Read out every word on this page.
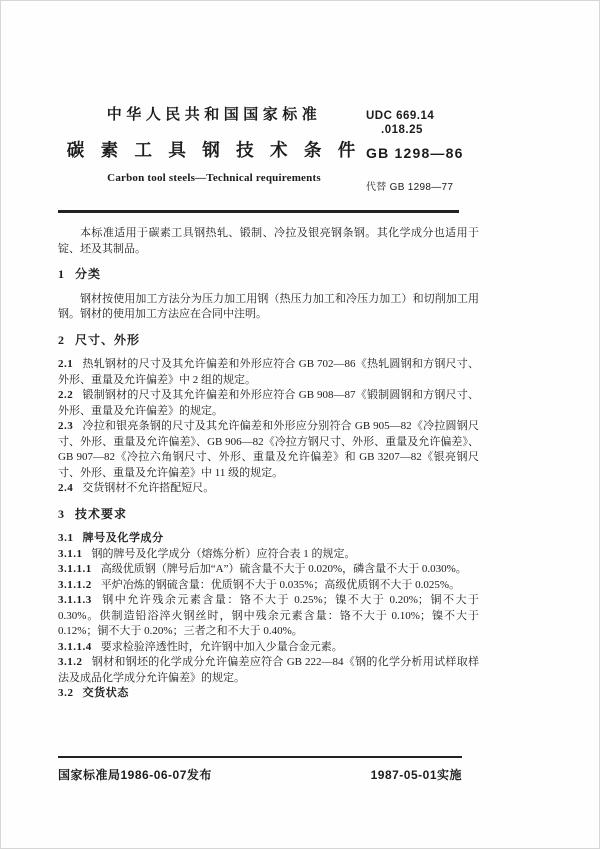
中华人民共和国国家标准
碳 素 工 具 钢 技 术 条 件
Carbon tool steels—Technical requirements
UDC 669.14
.018.25
GB 1298—86
代替 GB 1298—77

本标准适用于碳素工具钢热轧、锻制、冷拉及银亮钢条钢。其化学成分也适用于锭、坯及其制品。

1 分类

钢材按使用加工方法分为压力加工用钢（热压力加工和冷压力加工）和切削加工用钢。钢材的使用加工方法应在合同中注明。

2 尺寸、外形

2.1 热轧钢材的尺寸及其允许偏差和外形应符合 GB 702—86《热轧圆钢和方钢尺寸、外形、重量及允许偏差》中 2 组的规定。

2.2 锻制钢材的尺寸及其允许偏差和外形应符合 GB 908—87《锻制圆钢和方钢尺寸、外形、重量及允许偏差》的规定。

2.3 冷拉和银亮条钢的尺寸及其允许偏差和外形应分别符合 GB 905—82《冷拉圆钢尺寸、外形、重量及允许偏差》、GB 906—82《冷拉方钢尺寸、外形、重量及允许偏差》、GB 907—82《冷拉六角钢尺寸、外形、重量及允许偏差》和 GB 3207—82《银亮钢尺寸、外形、重量及允许偏差》中 11 级的规定。

2.4 交货钢材不允许搭配短尺。

3 技术要求

3.1 牌号及化学成分

3.1.1 钢的牌号及化学成分（熔炼分析）应符合表 1 的规定。

3.1.1.1 高级优质钢（牌号后加“A”）硫含量不大于 0.020%，磷含量不大于 0.030%。

3.1.1.2 平炉冶炼的钢硫含量：优质钢不大于 0.035%；高级优质钢不大于 0.025%。

3.1.1.3 钢中允许残余元素含量：铬不大于 0.25%；镍不大于 0.20%；铜不大于 0.30%。供制造铅浴淬火钢丝时，钢中残余元素含量：铬不大于 0.10%；镍不大于 0.12%；铜不大于 0.20%；三者之和不大于 0.40%。

3.1.1.4 要求检验淬透性时，允许钢中加入少量合金元素。

3.1.2 钢材和钢坯的化学成分允许偏差应符合 GB 222—84《钢的化学分析用试样取样法及成品化学成分允许偏差》的规定。

3.2 交货状态

国家标准局1986-06-07发布	1987-05-01实施
